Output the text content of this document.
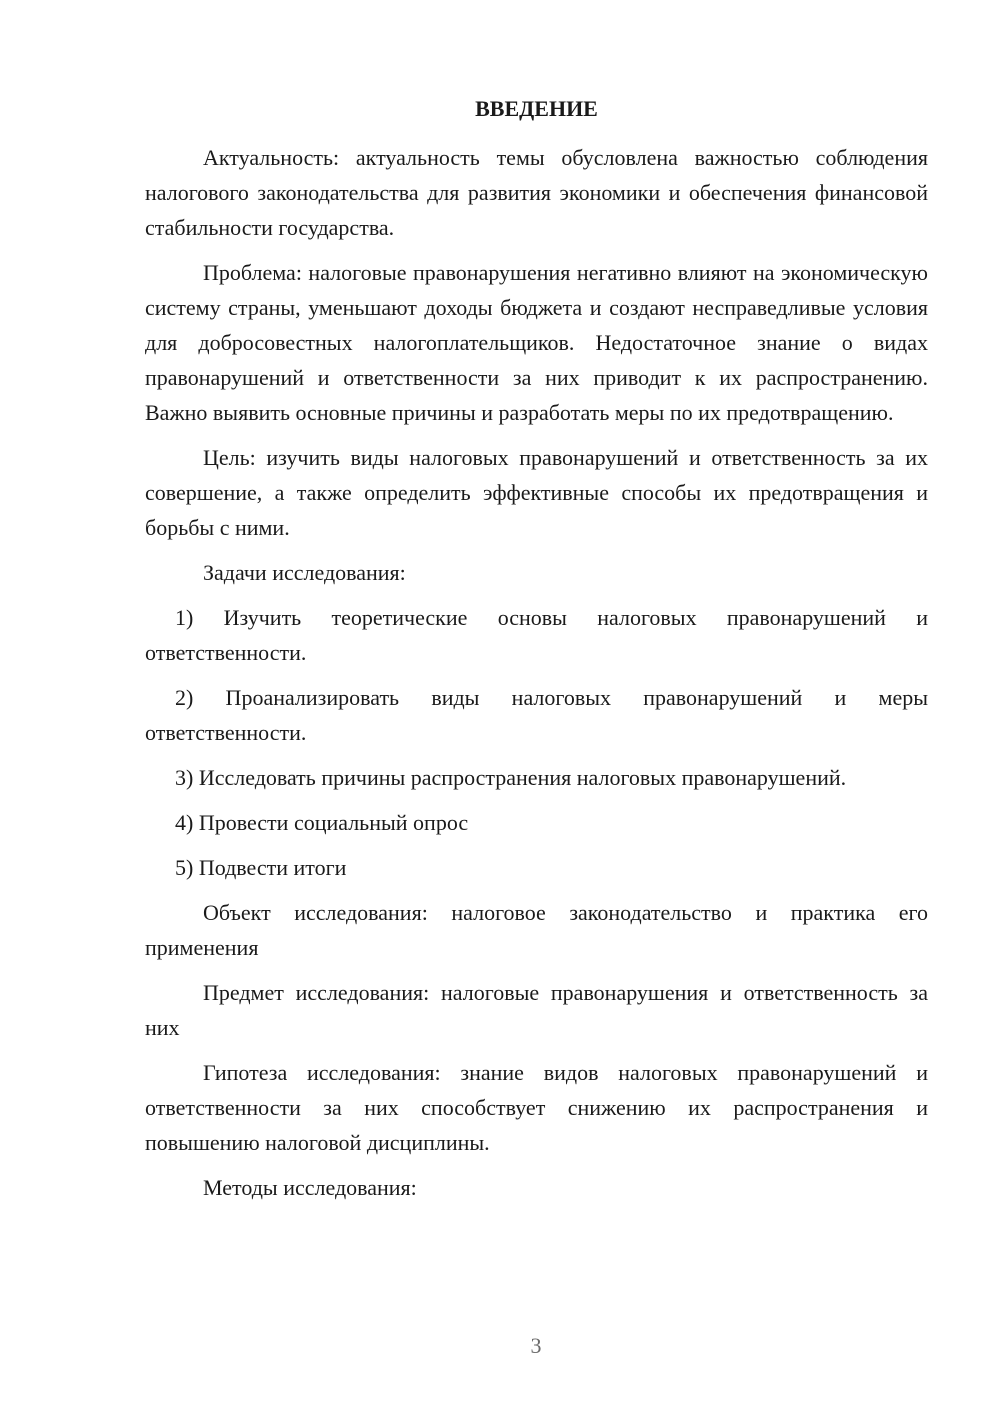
ВВЕДЕНИЕ

Актуальность: актуальность темы обусловлена важностью соблюдения налогового законодательства для развития экономики и обеспечения финансовой стабильности государства.

Проблема: налоговые правонарушения негативно влияют на экономическую систему страны, уменьшают доходы бюджета и создают несправедливые условия для добросовестных налогоплательщиков. Недостаточное знание о видах правонарушений и ответственности за них приводит к их распространению. Важно выявить основные причины и разработать меры по их предотвращению.

Цель: изучить виды налоговых правонарушений и ответственность за их совершение, а также определить эффективные способы их предотвращения и борьбы с ними.

Задачи исследования:

1) Изучить теоретические основы налоговых правонарушений и ответственности.

2) Проанализировать виды налоговых правонарушений и меры ответственности.

3) Исследовать причины распространения налоговых правонарушений.

4) Провести социальный опрос

5) Подвести итоги

Объект исследования: налоговое законодательство и практика его применения

Предмет исследования: налоговые правонарушения и ответственность за них

Гипотеза исследования: знание видов налоговых правонарушений и ответственности за них способствует снижению их распространения и повышению налоговой дисциплины.

Методы исследования:

3
